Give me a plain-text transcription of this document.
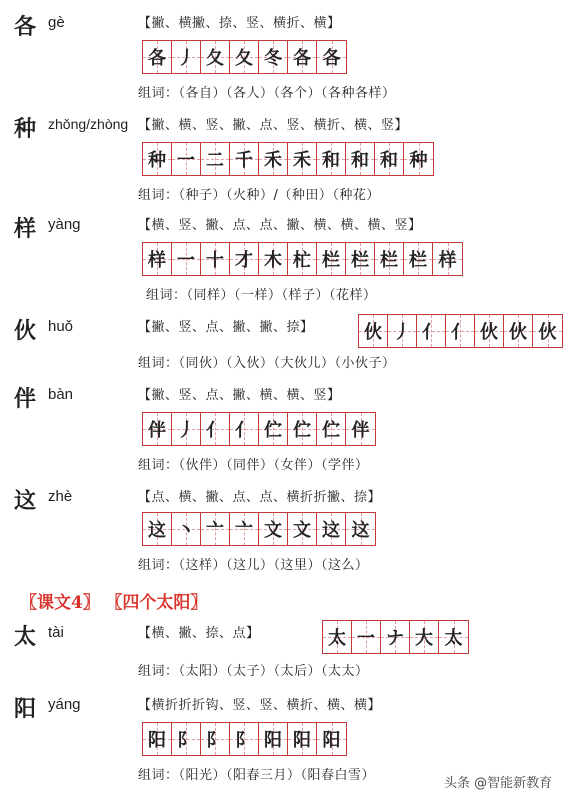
各 gè	【撇、横撇、捺、竖、横折、横】
各 丿 夂 夂 冬 各 各
组词：（各自）（各人）（各个）（各种各样）
种 zhǒng/zhòng 【撇、横、竖、撇、点、竖、横折、横、竖】
种 一 二 千 禾 禾 和 和 和 种
组词：（种子）（火种）/（种田）（种花）
样 yàng	【横、竖、撇、点、点、撇、横、横、横、竖】
样 一 十 才 木 杧 栏 栏 栏 栏 样
组词：（同样）（一样）（样子）（花样）
伙 huǒ	【撇、竖、点、撇、撇、捺】	伙 丿 亻 亻 伙 伙 伙
组词：（同伙）（入伙）（大伙儿）（小伙子）
伴 bàn	【撇、竖、点、撇、横、横、竖】
伴 丿 亻 亻 伫 伫 伫 伴
组词：（伙伴）（同伴）（女伴）（学伴）
这 zhè	【点、横、撇、点、点、横折折撇、捺】
这 丶 亠 亠 文 文 这 这
组词：（这样）（这儿）（这里）（这么）
〖课文4〗 〖四个太阳〗
太 tài	【横、撇、捺、点】	太 一 ナ 大 太
组词：（太阳）（太子）（太后）（太太）
阳 yáng	【横折折折钩、竖、竖、横折、横、横】
阳 阝 阝 阝 阳 阳 阳
组词：（阳光）（阳春三月）（阳春白雪）
头条 @智能新教育
